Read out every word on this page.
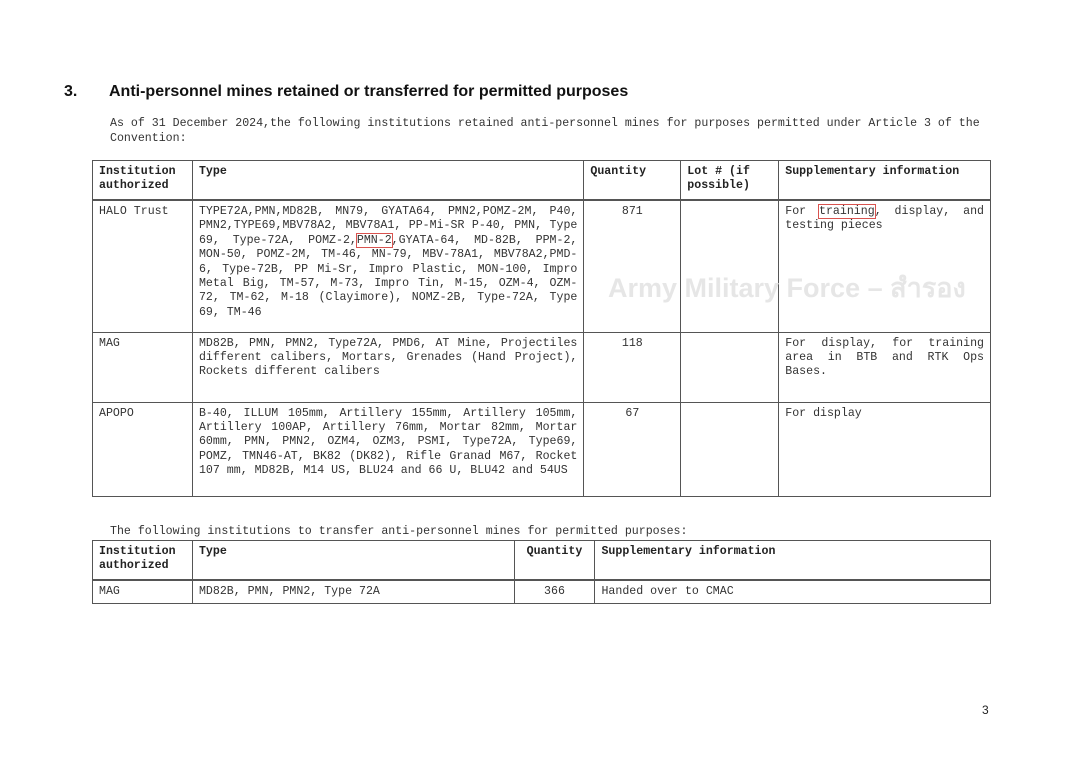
3. Anti-personnel mines retained or transferred for permitted purposes
As of 31 December 2024,the following institutions retained anti-personnel mines for purposes permitted under Article 3 of the Convention:
Institution authorized	Type	Quantity	Lot # (if possible)	Supplementary information
HALO Trust	TYPE72A,PMN,MD82B, MN79, GYATA64, PMN2,POMZ-2M, P40, PMN2,TYPE69,MBV78A2, MBV78A1, PP-Mi-SR P-40, PMN, Type 69, Type-72A, POMZ-2,PMN-2,GYATA-64, MD-82B, PPM-2, MON-50, POMZ-2M, TM-46, MN-79, MBV-78A1, MBV78A2,PMD-6, Type-72B, PP Mi-Sr, Impro Plastic, MON-100, Impro Metal Big, TM-57, M-73, Impro Tin, M-15, OZM-4, OZM-72, TM-62, M-18 (Clayimore), NOMZ-2B, Type-72A, Type 69, TM-46	871		For training, display, and testing pieces
MAG	MD82B, PMN, PMN2, Type72A, PMD6, AT Mine, Projectiles different calibers, Mortars, Grenades (Hand Project), Rockets different calibers	118		For display, for training area in BTB and RTK Ops Bases.
APOPO	B-40, ILLUM 105mm, Artillery 155mm, Artillery 105mm, Artillery 100AP, Artillery 76mm, Mortar 82mm, Mortar 60mm, PMN, PMN2, OZM4, OZM3, PSMI, Type72A, Type69, POMZ, TMN46-AT, BK82 (DK82), Rifle Granad M67, Rocket 107 mm, MD82B, M14 US, BLU24 and 66 U, BLU42 and 54US	67		For display
The following institutions to transfer anti-personnel mines for permitted purposes:
Institution authorized	Type	Quantity	Supplementary information
MAG	MD82B, PMN, PMN2, Type 72A	366	Handed over to CMAC
Army Military Force – สำรอง
3
